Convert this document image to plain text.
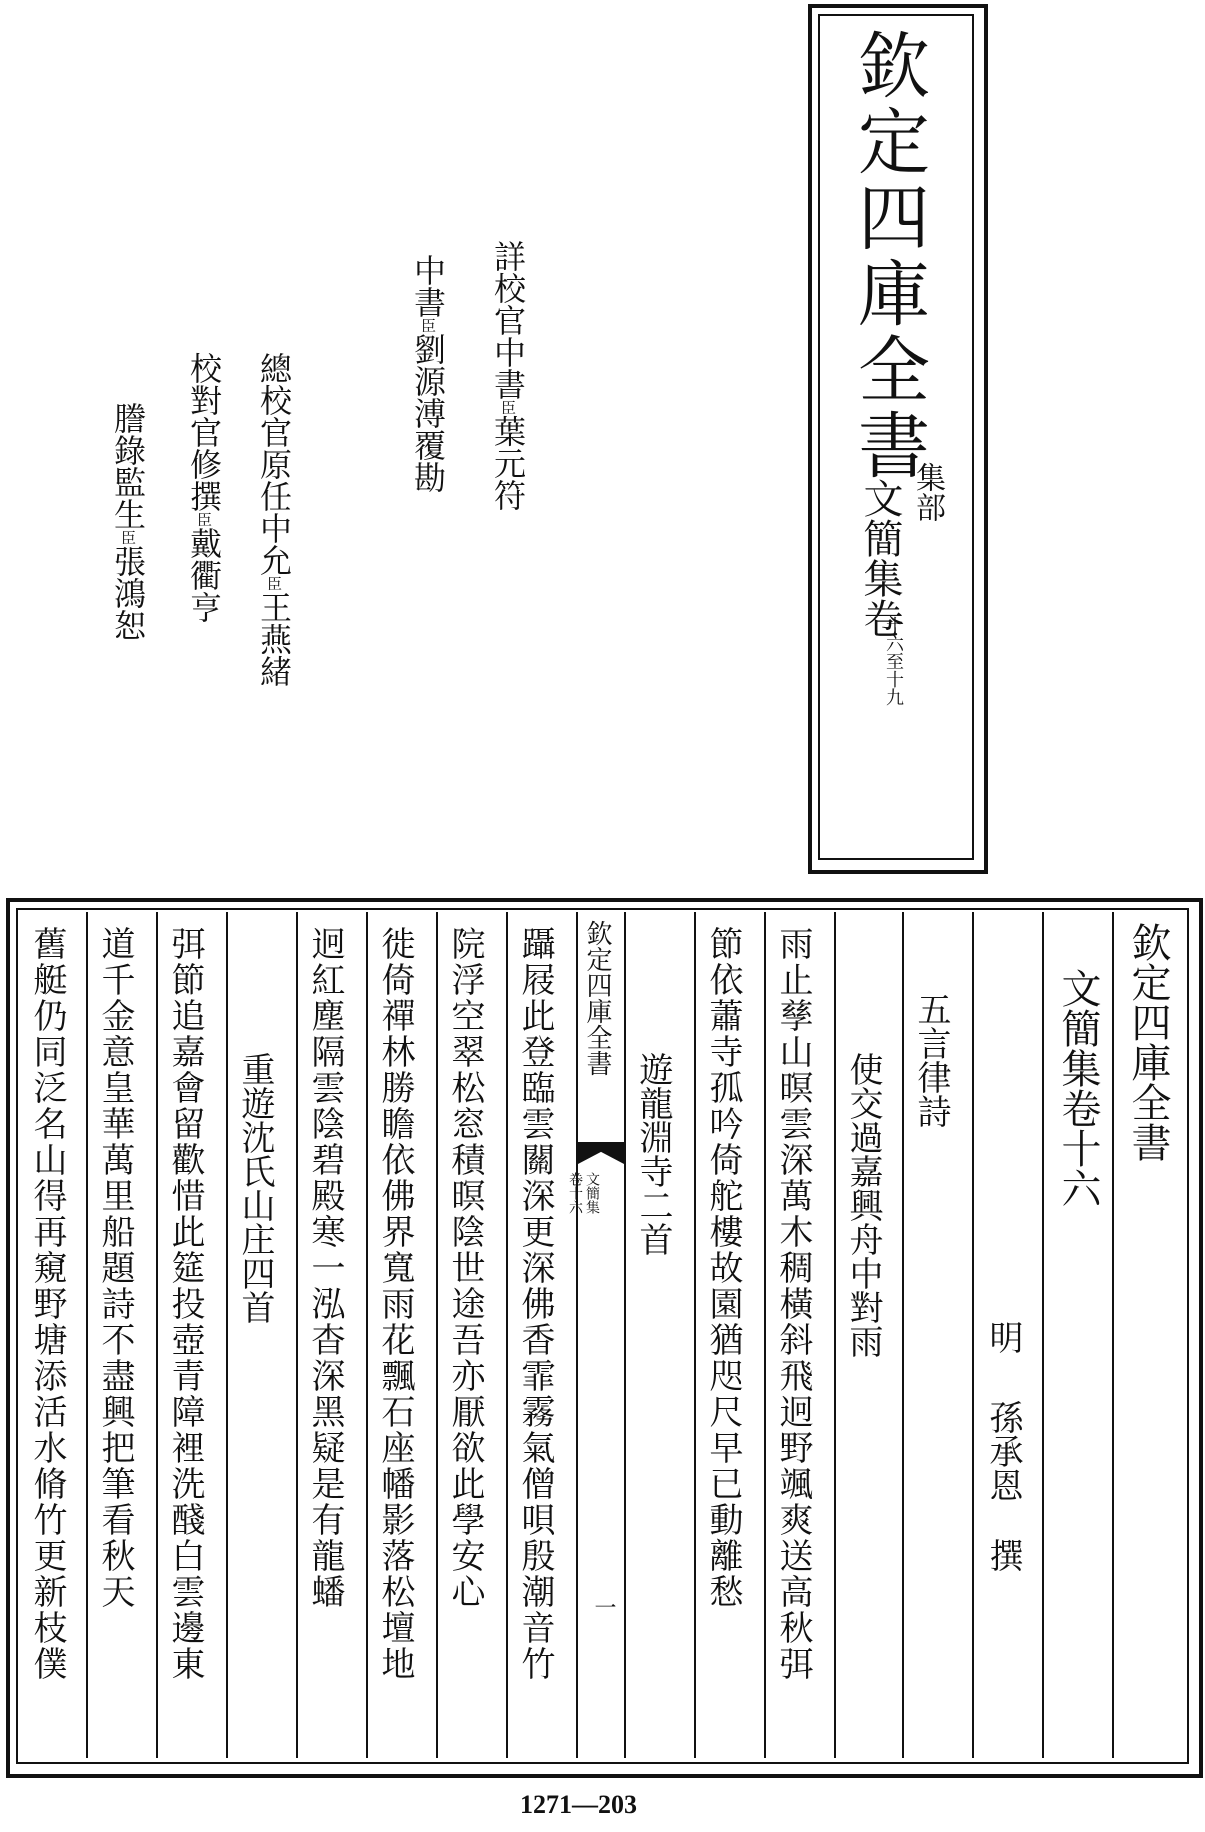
欽定四庫全書
集部
文簡集卷
十六至十九
詳校官中書臣葉元符
中書臣劉源溥覆勘
總校官原任中允臣王燕緒
校對官修撰臣戴衢亨
謄錄監生臣張鴻恕
欽定四庫全書
文簡集卷十六
明孫承恩撰
五言律詩
使交過嘉興舟中對雨
雨止孳山暝雲深萬木稠橫斜飛迥野颯爽送高秋弭
節依蕭寺孤吟倚舵樓故園猶咫尺早已動離愁
遊龍淵寺二首
欽定四庫全書
文簡集
卷十六
一
躡屐此登臨雲關深更深佛香霏霧氣僧唄殷潮音竹
院浮空翠松窓積暝陰世途吾亦厭欲此學安心
徙倚禪林勝瞻依佛界寬雨花飄石座幡影落松壇地
迥紅塵隔雲陰碧殿寒一泓杳深黑疑是有龍蟠
重遊沈氏山庄四首
弭節追嘉會留歡惜此筵投壺青障裡洗醆白雲邊東
道千金意皇華萬里船題詩不盡興把筆看秋天
舊艇仍同泛名山得再窺野塘添活水脩竹更新枝僕
1271—203
